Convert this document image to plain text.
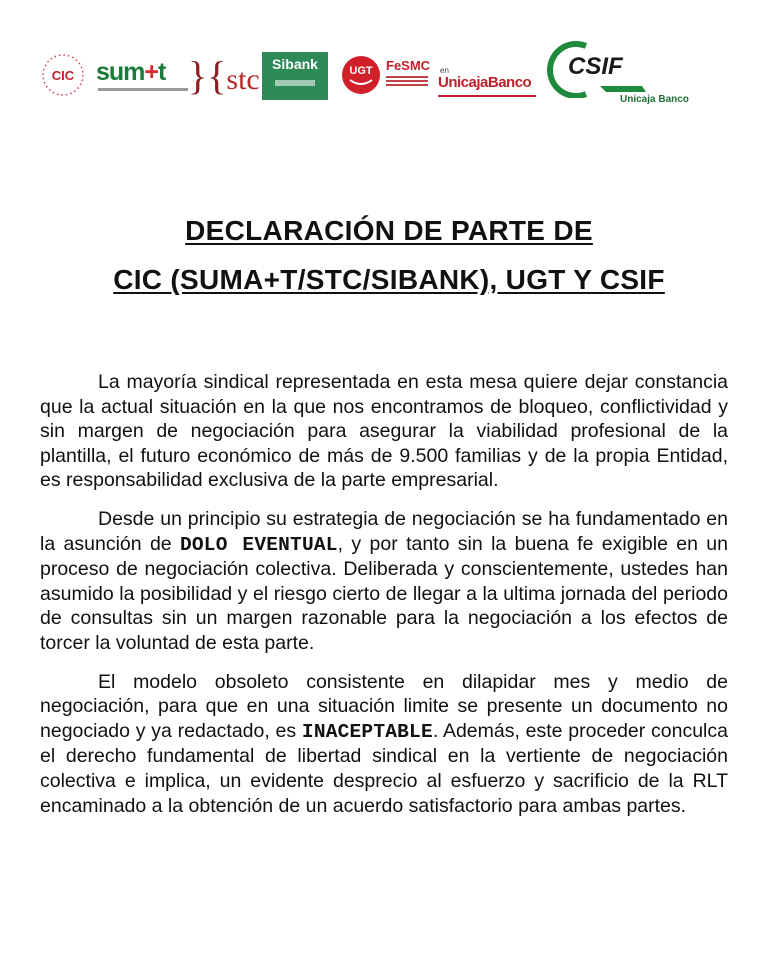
CIC sum+t }{stc Sibank	UGT FeSMC en
UnicajaBanco
CSIF
Unicaja Banco
DECLARACIÓN DE PARTE DE
CIC (SUMA+T/STC/SIBANK), UGT Y CSIF

La mayoría sindical representada en esta mesa quiere dejar constancia que la actual situación en la que nos encontramos de bloqueo, conflictividad y sin margen de negociación para asegurar la viabilidad profesional de la plantilla, el futuro económico de más de 9.500 familias y de la propia Entidad, es responsabilidad exclusiva de la parte empresarial.

Desde un principio su estrategia de negociación se ha fundamentado en la asunción de DOLO EVENTUAL, y por tanto sin la buena fe exigible en un proceso de negociación colectiva. Deliberada y conscientemente, ustedes han asumido la posibilidad y el riesgo cierto de llegar a la ultima jornada del periodo de consultas sin un margen razonable para la negociación a los efectos de torcer la voluntad de esta parte.

El modelo obsoleto consistente en dilapidar mes y medio de negociación, para que en una situación limite se presente un documento no negociado y ya redactado, es INACEPTABLE. Además, este proceder conculca el derecho fundamental de libertad sindical en la vertiente de negociación colectiva e implica, un evidente desprecio al esfuerzo y sacrificio de la RLT encaminado a la obtención de un acuerdo satisfactorio para ambas partes.
